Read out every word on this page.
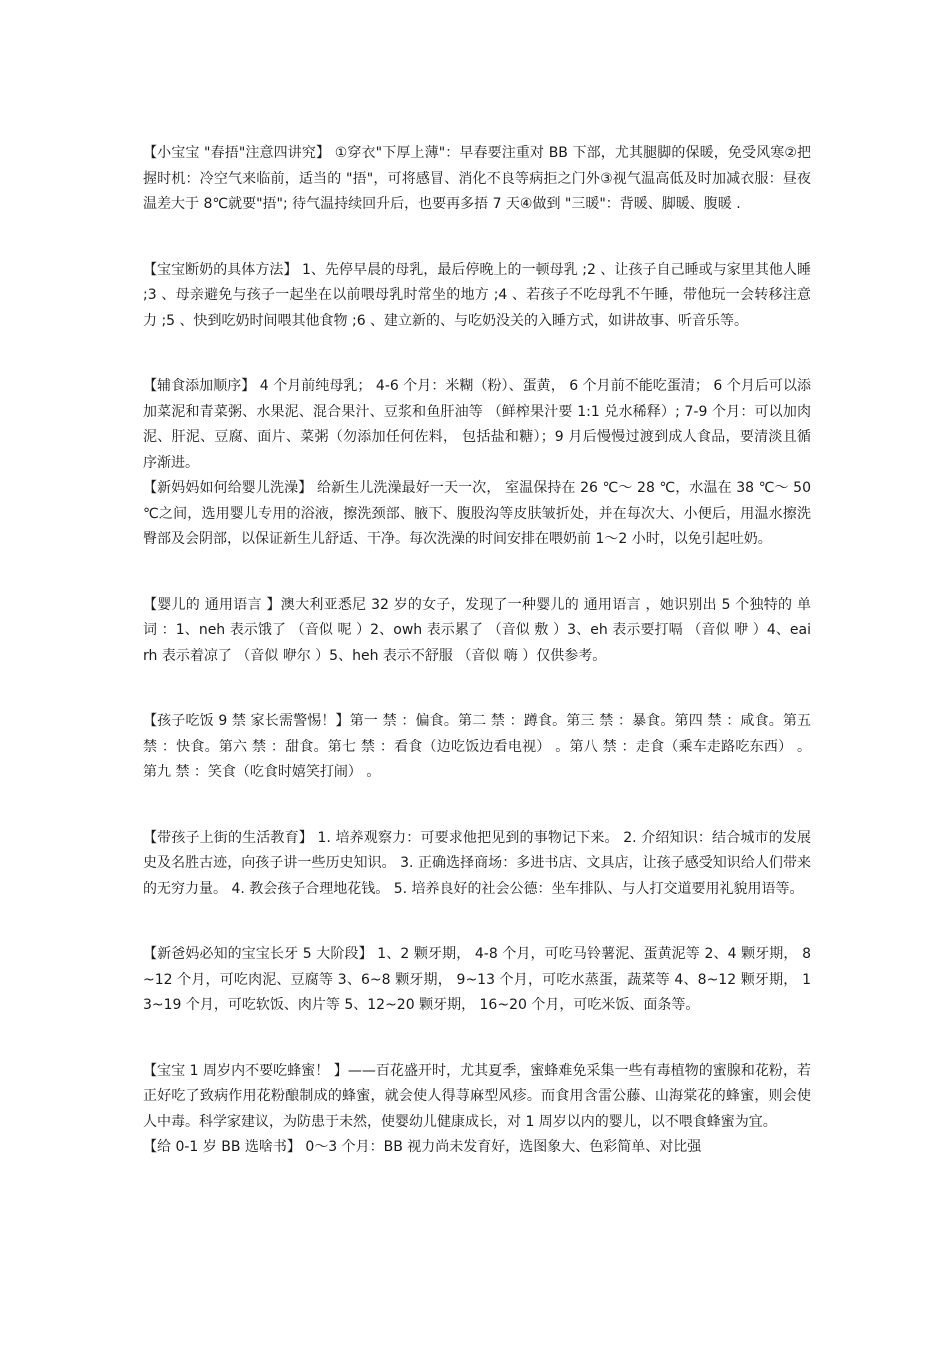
【小宝宝 "春捂"注意四讲究】 ①穿衣"下厚上薄"：早春要注重对 BB 下部，尤其腿脚的保暖，免受风寒②把握时机：冷空气来临前，适当的 "捂"，可将感冒、消化不良等病拒之门外③视气温高低及时加减衣服：昼夜温差大于 8℃就要"捂"; 待气温持续回升后，也要再多捂 7 天④做到 "三暖"：背暖、脚暖、腹暖 .

【宝宝断奶的具体方法】 1、先停早晨的母乳，最后停晚上的一顿母乳 ;2 、让孩子自己睡或与家里其他人睡 ;3 、母亲避免与孩子一起坐在以前喂母乳时常坐的地方 ;4 、若孩子不吃母乳不午睡，带他玩一会转移注意力 ;5 、快到吃奶时间喂其他食物 ;6 、建立新的、与吃奶没关的入睡方式，如讲故事、听音乐等。

【辅食添加顺序】 4 个月前纯母乳； 4-6 个月：米糊（粉）、蛋黄， 6 个月前不能吃蛋清； 6 个月后可以添加菜泥和青菜粥、水果泥、混合果汁、豆浆和鱼肝油等 （鲜榨果汁要 1:1 兑水稀释）; 7-9 个月：可以加肉泥、肝泥、豆腐、面片、菜粥（勿添加任何佐料， 包括盐和糖）；9 月后慢慢过渡到成人食品，要清淡且循序渐进。

【新妈妈如何给婴儿洗澡】 给新生儿洗澡最好一天一次， 室温保持在 26 ℃～ 28 ℃，水温在 38 ℃～ 50 ℃之间，选用婴儿专用的浴液，擦洗颈部、腋下、腹股沟等皮肤皱折处，并在每次大、小便后，用温水擦洗臀部及会阴部，以保证新生儿舒适、干净。每次洗澡的时间安排在喂奶前 1～2 小时，以免引起吐奶。

【婴儿的 通用语言 】澳大利亚悉尼 32 岁的女子，发现了一种婴儿的 通用语言 ，她识别出 5 个独特的 单词 ：1、neh 表示饿了 （音似 呢 ）2、owh 表示累了 （音似 敷 ）3、eh 表示要打嗝 （音似 咿 ）4、eairh 表示着凉了 （音似 咿尔 ）5、heh 表示不舒服 （音似 嗨 ）仅供参考。

【孩子吃饭 9 禁 家长需警惕！】第一 禁 ：偏食。第二 禁 ：蹲食。第三 禁 ：暴食。第四 禁 ：咸食。第五 禁 ：快食。第六 禁 ：甜食。第七 禁 ：看食（边吃饭边看电视） 。第八 禁 ：走食（乘车走路吃东西） 。第九 禁 ：笑食（吃食时嬉笑打闹） 。

【带孩子上街的生活教育】 1. 培养观察力：可要求他把见到的事物记下来。 2. 介绍知识：结合城市的发展史及名胜古迹，向孩子讲一些历史知识。 3. 正确选择商场：多进书店、文具店，让孩子感受知识给人们带来的无穷力量。 4. 教会孩子合理地花钱。 5. 培养良好的社会公德：坐车排队、与人打交道要用礼貌用语等。

【新爸妈必知的宝宝长牙 5 大阶段】 1、2 颗牙期， 4-8 个月，可吃马铃薯泥、蛋黄泥等 2、4 颗牙期， 8~12 个月，可吃肉泥、豆腐等 3、6~8 颗牙期， 9~13 个月，可吃水蒸蛋，蔬菜等 4、8~12 颗牙期， 13~19 个月，可吃软饭、肉片等 5、12~20 颗牙期， 16~20 个月，可吃米饭、面条等。

【宝宝 1 周岁内不要吃蜂蜜！ 】——百花盛开时，尤其夏季，蜜蜂难免采集一些有毒植物的蜜腺和花粉，若正好吃了致病作用花粉酿制成的蜂蜜，就会使人得荨麻型风疹。而食用含雷公藤、山海棠花的蜂蜜，则会使人中毒。科学家建议，为防患于未然，使婴幼儿健康成长，对 1 周岁以内的婴儿，以不喂食蜂蜜为宜。

【给 0-1 岁 BB 选啥书】 0～3 个月：BB 视力尚未发育好，选图象大、色彩简单、对比强
